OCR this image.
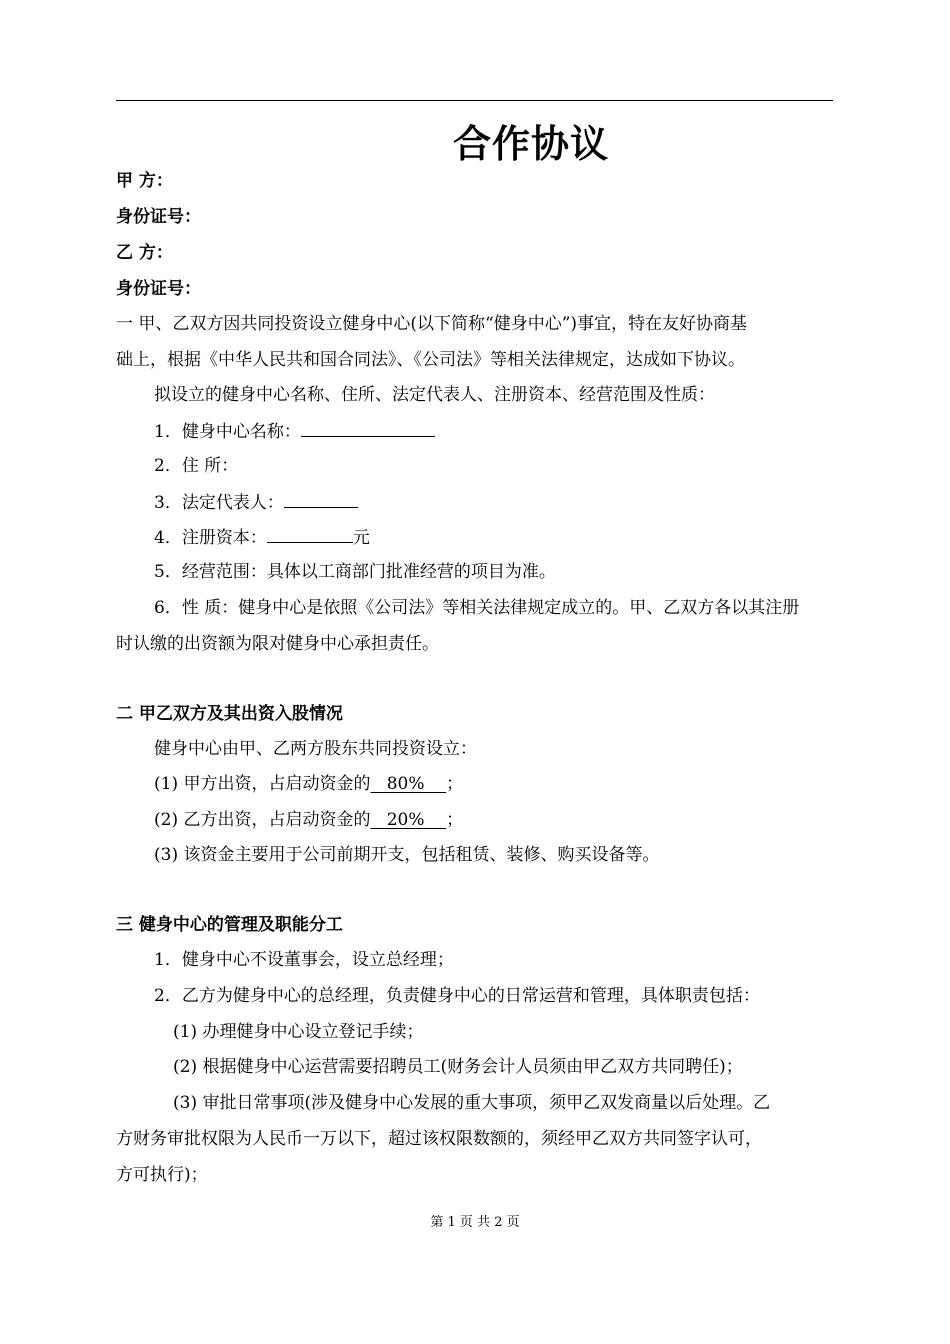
合作协议
甲 方：
身份证号：
乙 方：
身份证号：
一 甲、乙双方因共同投资设立健身中心(以下简称“健身中心”)事宜，特在友好协商基
础上，根据《中华人民共和国合同法》、《公司法》等相关法律规定，达成如下协议。
拟设立的健身中心名称、住所、法定代表人、注册资本、经营范围及性质：
1．健身中心名称：
2．住 所：
3．法定代表人：
4．注册资本：	元
5．经营范围：具体以工商部门批准经营的项目为准。
6．性 质：健身中心是依照《公司法》等相关法律规定成立的。甲、乙双方各以其注册
时认缴的出资额为限对健身中心承担责任。
二 甲乙双方及其出资入股情况
健身中心由甲、乙两方股东共同投资设立：
(1) 甲方出资，占启动资金的   80%    ；
(2) 乙方出资，占启动资金的   20%    ；
(3) 该资金主要用于公司前期开支，包括租赁、装修、购买设备等。
三 健身中心的管理及职能分工
1．健身中心不设董事会，设立总经理；
2．乙方为健身中心的总经理，负责健身中心的日常运营和管理，具体职责包括：
(1) 办理健身中心设立登记手续；
(2) 根据健身中心运营需要招聘员工(财务会计人员须由甲乙双方共同聘任)；
(3) 审批日常事项(涉及健身中心发展的重大事项，须甲乙双发商量以后处理。乙
方财务审批权限为人民币一万以下，超过该权限数额的，须经甲乙双方共同签字认可，
方可执行)；
第 1 页 共 2 页
